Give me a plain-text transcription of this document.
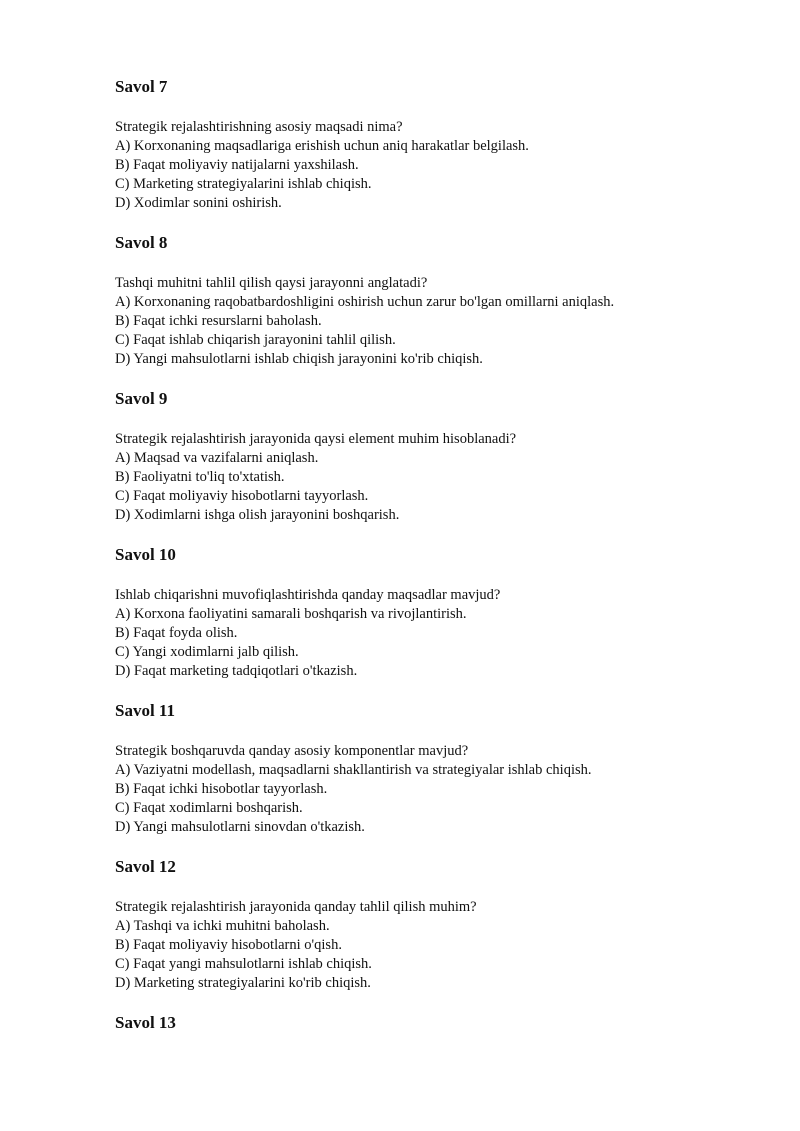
Savol 7
Strategik rejalashtirishning asosiy maqsadi nima?
A) Korxonaning maqsadlariga erishish uchun aniq harakatlar belgilash.
B) Faqat moliyaviy natijalarni yaxshilash.
C) Marketing strategiyalarini ishlab chiqish.
D) Xodimlar sonini oshirish.
Savol 8
Tashqi muhitni tahlil qilish qaysi jarayonni anglatadi?
A) Korxonaning raqobatbardoshligini oshirish uchun zarur bo'lgan omillarni aniqlash.
B) Faqat ichki resurslarni baholash.
C) Faqat ishlab chiqarish jarayonini tahlil qilish.
D) Yangi mahsulotlarni ishlab chiqish jarayonini ko'rib chiqish.
Savol 9
Strategik rejalashtirish jarayonida qaysi element muhim hisoblanadi?
A) Maqsad va vazifalarni aniqlash.
B) Faoliyatni to'liq to'xtatish.
C) Faqat moliyaviy hisobotlarni tayyorlash.
D) Xodimlarni ishga olish jarayonini boshqarish.
Savol 10
Ishlab chiqarishni muvofiqlashtirishda qanday maqsadlar mavjud?
A) Korxona faoliyatini samarali boshqarish va rivojlantirish.
B) Faqat foyda olish.
C) Yangi xodimlarni jalb qilish.
D) Faqat marketing tadqiqotlari o'tkazish.
Savol 11
Strategik boshqaruvda qanday asosiy komponentlar mavjud?
A) Vaziyatni modellash, maqsadlarni shakllantirish va strategiyalar ishlab chiqish.
B) Faqat ichki hisobotlar tayyorlash.
C) Faqat xodimlarni boshqarish.
D) Yangi mahsulotlarni sinovdan o'tkazish.
Savol 12
Strategik rejalashtirish jarayonida qanday tahlil qilish muhim?
A) Tashqi va ichki muhitni baholash.
B) Faqat moliyaviy hisobotlarni o'qish.
C) Faqat yangi mahsulotlarni ishlab chiqish.
D) Marketing strategiyalarini ko'rib chiqish.
Savol 13
